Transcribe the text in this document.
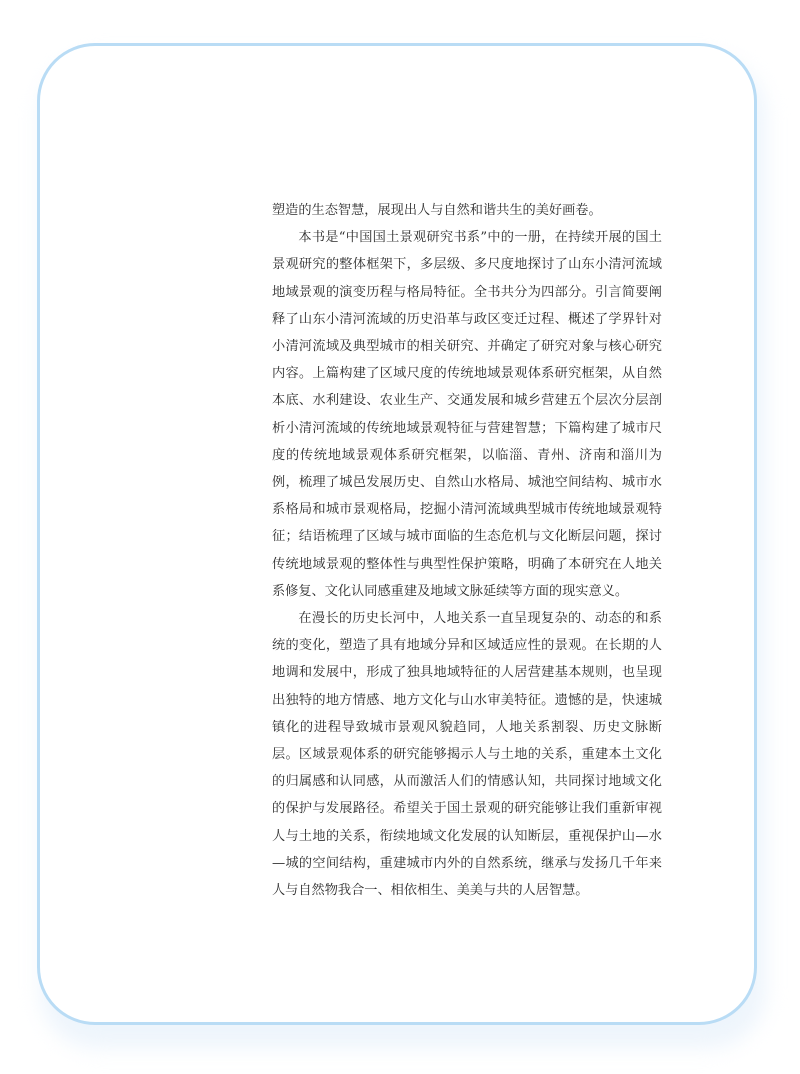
塑造的生态智慧，展现出人与自然和谐共生的美好画卷。

本书是“中国国土景观研究书系”中的一册，在持续开展的国土景观研究的整体框架下，多层级、多尺度地探讨了山东小清河流域地域景观的演变历程与格局特征。全书共分为四部分。引言简要阐释了山东小清河流域的历史沿革与政区变迁过程、概述了学界针对小清河流域及典型城市的相关研究、并确定了研究对象与核心研究内容。上篇构建了区域尺度的传统地域景观体系研究框架，从自然本底、水利建设、农业生产、交通发展和城乡营建五个层次分层剖析小清河流域的传统地域景观特征与营建智慧；下篇构建了城市尺度的传统地域景观体系研究框架，以临淄、青州、济南和淄川为例，梳理了城邑发展历史、自然山水格局、城池空间结构、城市水系格局和城市景观格局，挖掘小清河流域典型城市传统地域景观特征；结语梳理了区域与城市面临的生态危机与文化断层问题，探讨传统地域景观的整体性与典型性保护策略，明确了本研究在人地关系修复、文化认同感重建及地域文脉延续等方面的现实意义。

在漫长的历史长河中，人地关系一直呈现复杂的、动态的和系统的变化，塑造了具有地域分异和区域适应性的景观。在长期的人地调和发展中，形成了独具地域特征的人居营建基本规则，也呈现出独特的地方情感、地方文化与山水审美特征。遗憾的是，快速城镇化的进程导致城市景观风貌趋同，人地关系割裂、历史文脉断层。区域景观体系的研究能够揭示人与土地的关系，重建本土文化的归属感和认同感，从而激活人们的情感认知，共同探讨地域文化的保护与发展路径。希望关于国土景观的研究能够让我们重新审视人与土地的关系，衔续地域文化发展的认知断层，重视保护山—水—城的空间结构，重建城市内外的自然系统，继承与发扬几千年来人与自然物我合一、相依相生、美美与共的人居智慧。
